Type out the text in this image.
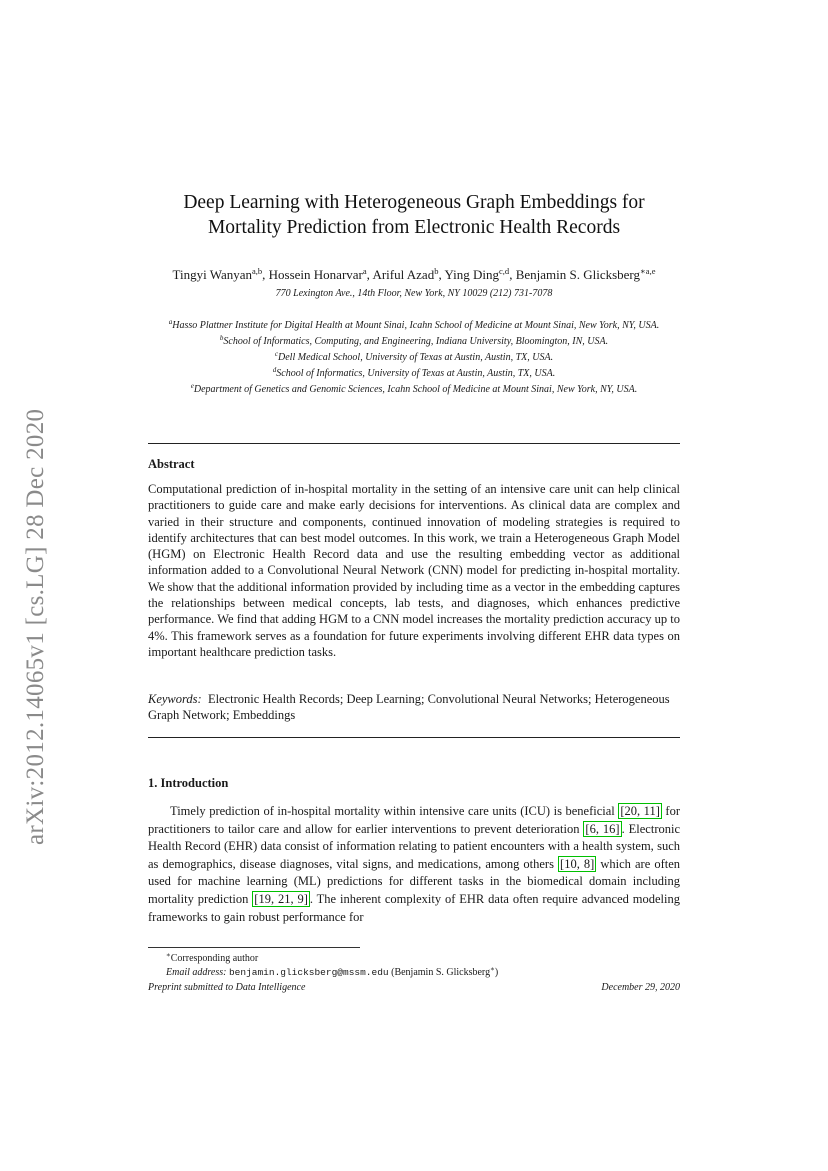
arXiv:2012.14065v1 [cs.LG] 28 Dec 2020
Deep Learning with Heterogeneous Graph Embeddings for
Mortality Prediction from Electronic Health Records
Tingyi Wanyan$^{a,b}$, Hossein Honarvar$^a$, Ariful Azad$^b$, Ying Ding$^{c,d}$, Benjamin S. Glicksberg$^{∗a,e}$
770 Lexington Ave., 14th Floor, New York, NY 10029 (212) 731-7078
$^a$Hasso Plattner Institute for Digital Health at Mount Sinai, Icahn School of Medicine at Mount Sinai, New York, NY, USA.
$^b$School of Informatics, Computing, and Engineering, Indiana University, Bloomington, IN, USA.
$^c$Dell Medical School, University of Texas at Austin, Austin, TX, USA.
$^d$School of Informatics, University of Texas at Austin, Austin, TX, USA.
$^e$Department of Genetics and Genomic Sciences, Icahn School of Medicine at Mount Sinai, New York, NY, USA.
Abstract
Computational prediction of in-hospital mortality in the setting of an intensive care unit can help clinical practitioners to guide care and make early decisions for interventions. As clinical data are complex and varied in their structure and components, continued innovation of modeling strategies is required to identify architectures that can best model outcomes. In this work, we train a Heterogeneous Graph Model (HGM) on Electronic Health Record data and use the resulting embedding vector as additional information added to a Convolutional Neural Network (CNN) model for predicting in-hospital mortality. We show that the additional information provided by including time as a vector in the embedding captures the relationships between medical concepts, lab tests, and diagnoses, which enhances predictive performance. We find that adding HGM to a CNN model increases the mortality prediction accuracy up to 4%. This framework serves as a foundation for future experiments involving different EHR data types on important healthcare prediction tasks.
Keywords: Electronic Health Records; Deep Learning; Convolutional Neural Networks; Heterogeneous Graph Network; Embeddings
1. Introduction
Timely prediction of in-hospital mortality within intensive care units (ICU) is beneficial [20, 11] for practitioners to tailor care and allow for earlier interventions to prevent deterioration [6, 16] . Electronic Health Record (EHR) data consist of information relating to patient encounters with a health system, such as demographics, disease diagnoses, vital signs, and medications, among others [10, 8] which are often used for machine learning (ML) predictions for different tasks in the biomedical domain including mortality prediction [19, 21, 9] . The inherent complexity of EHR data often require advanced modeling frameworks to gain robust performance for
∗Corresponding author
Email address: benjamin.glicksberg@mssm.edu (Benjamin S. Glicksberg∗)
Preprint submitted to Data Intelligence	December 29, 2020
